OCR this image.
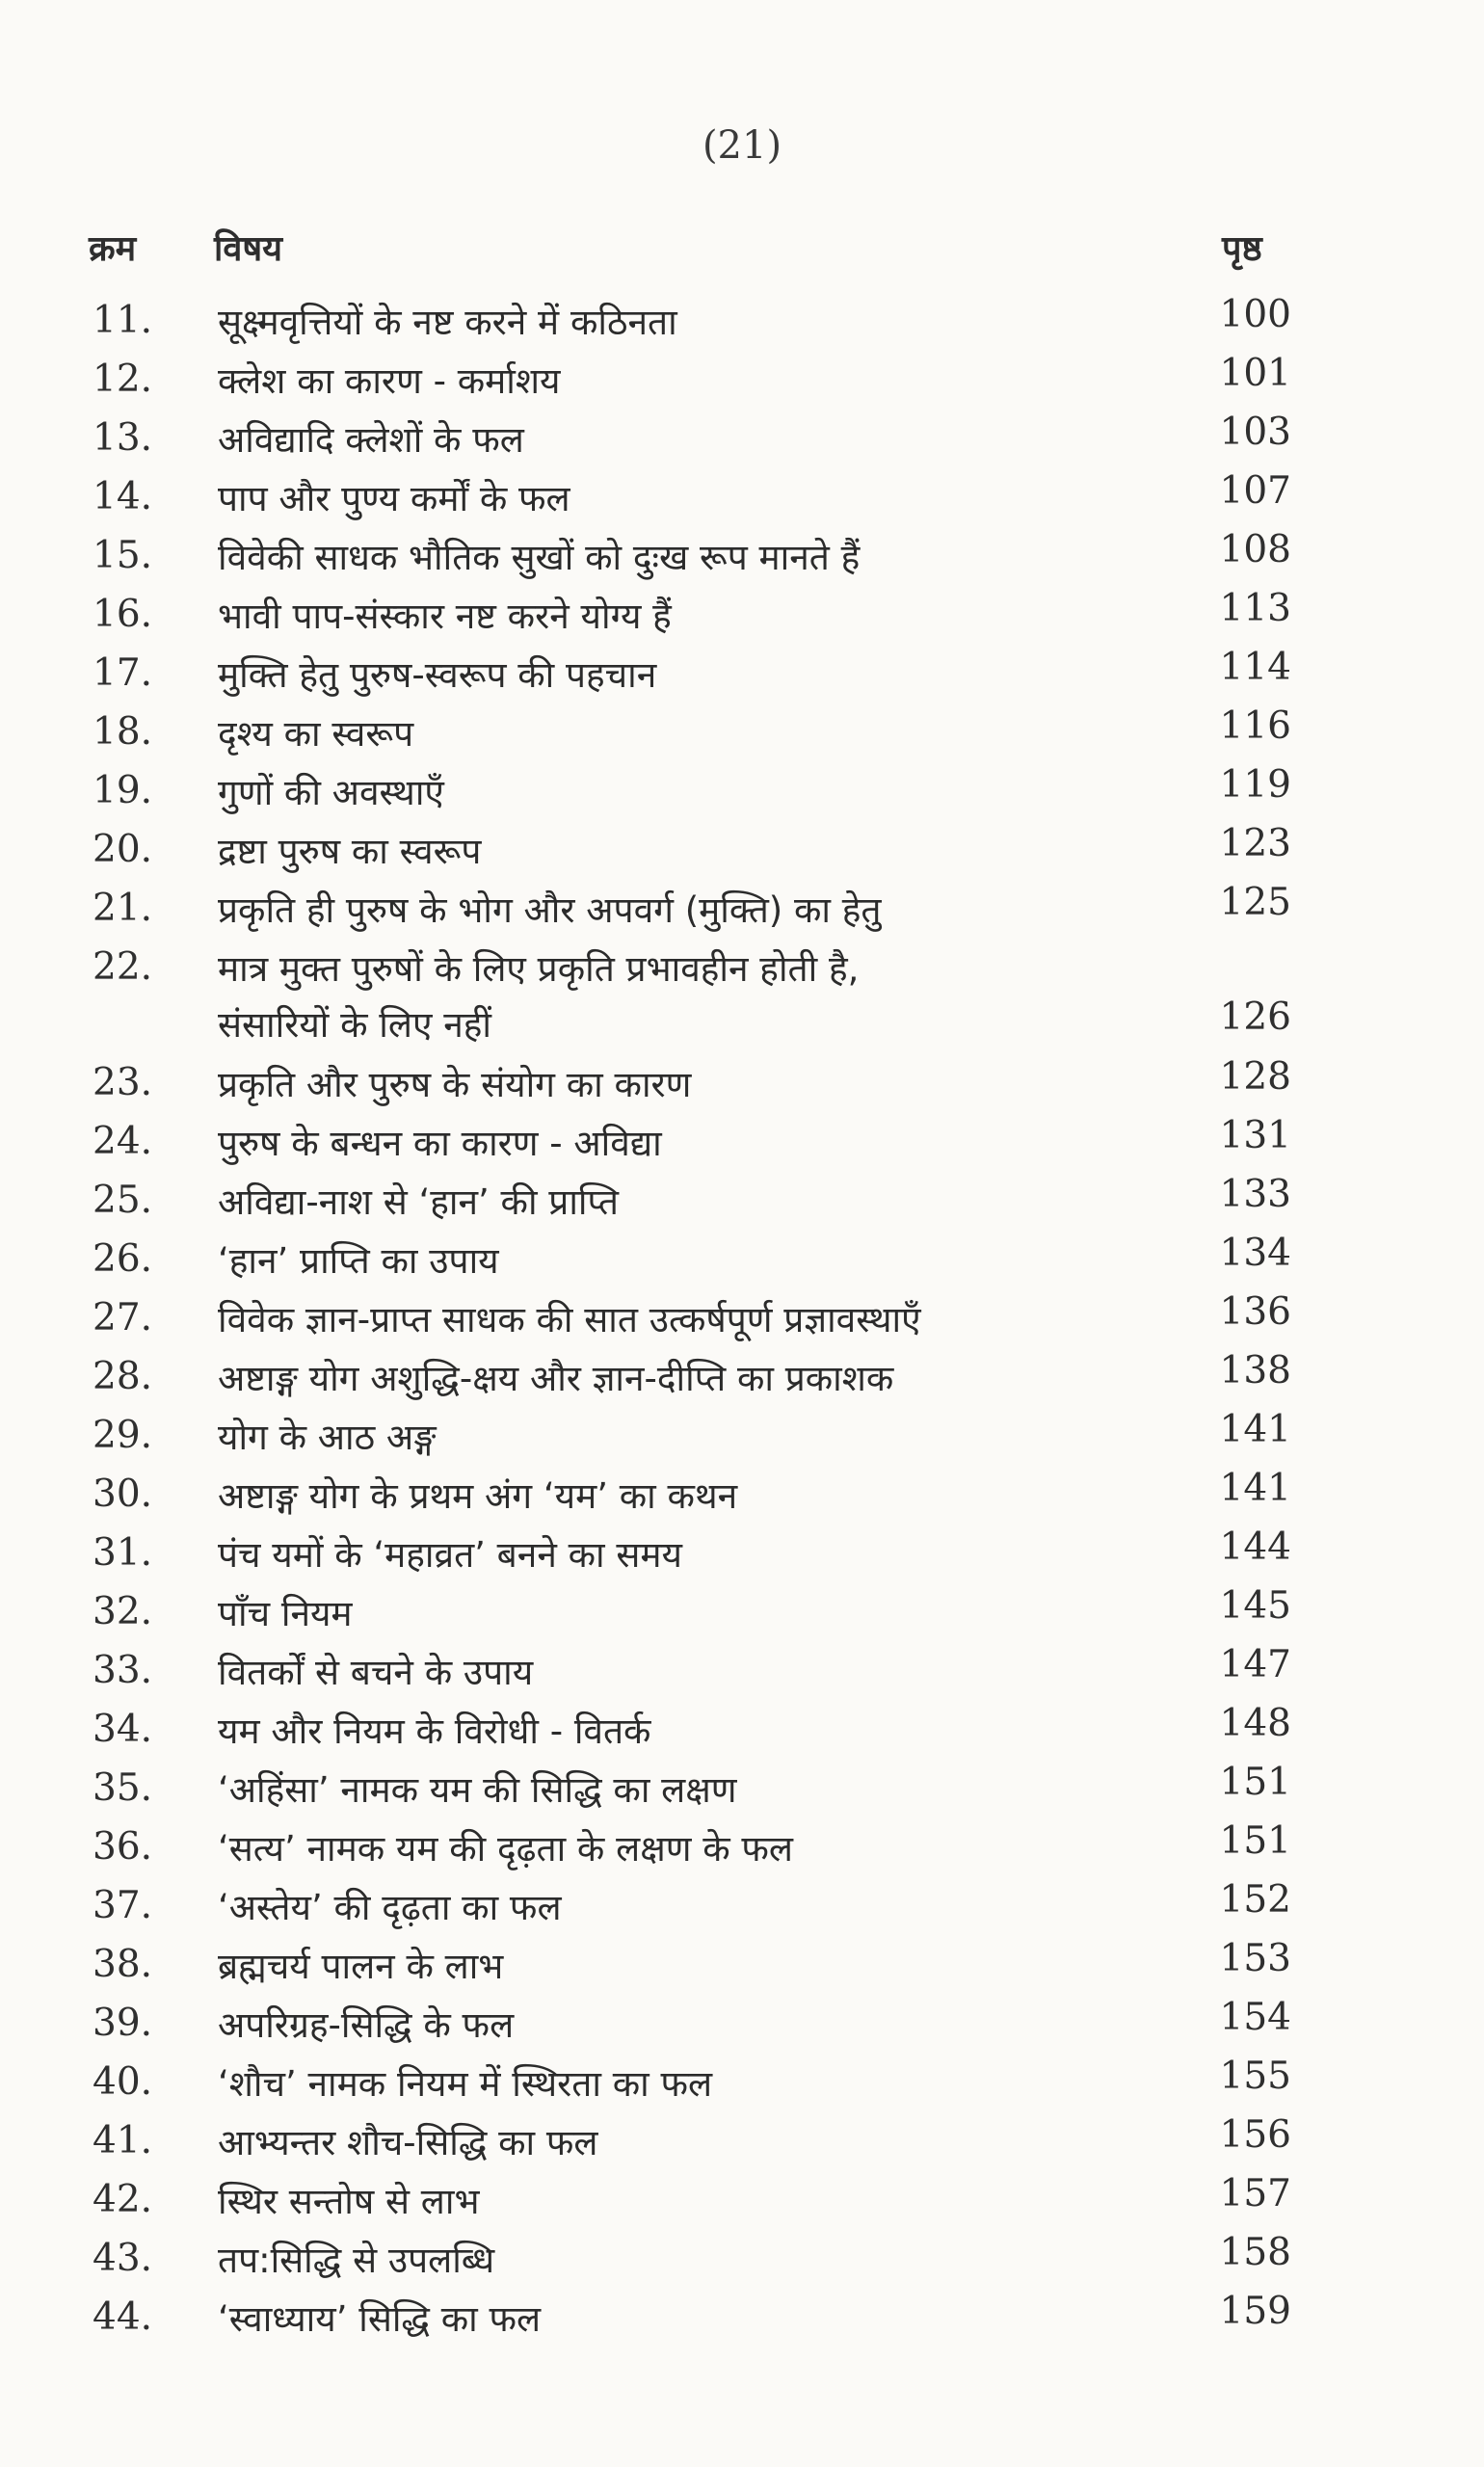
(21)
क्रम विषय	पृष्ठ
11. सूक्ष्मवृत्तियों के नष्ट करने में कठिनता	100
12. क्लेश का कारण - कर्माशय	101
13. अविद्यादि क्लेशों के फल	103
14. पाप और पुण्य कर्मों के फल	107
15. विवेकी साधक भौतिक सुखों को दुःख रूप मानते हैं	108
16. भावी पाप-संस्कार नष्ट करने योग्य हैं	113
17. मुक्ति हेतु पुरुष-स्वरूप की पहचान	114
18. दृश्य का स्वरूप	116
19. गुणों की अवस्थाएँ	119
20. द्रष्टा पुरुष का स्वरूप	123
21. प्रकृति ही पुरुष के भोग और अपवर्ग (मुक्ति) का हेतु	125
22. मात्र मुक्त पुरुषों के लिए प्रकृति प्रभावहीन होती है,
संसारियों के लिए नहीं	126
23. प्रकृति और पुरुष के संयोग का कारण	128
24. पुरुष के बन्धन का कारण - अविद्या	131
25. अविद्या-नाश से ‘हान’ की प्राप्ति	133
26. ‘हान’ प्राप्ति का उपाय	134
27. विवेक ज्ञान-प्राप्त साधक की सात उत्कर्षपूर्ण प्रज्ञावस्थाएँ	136
28. अष्टाङ्ग योग अशुद्धि-क्षय और ज्ञान-दीप्ति का प्रकाशक	138
29. योग के आठ अङ्ग	141
30. अष्टाङ्ग योग के प्रथम अंग ‘यम’ का कथन	141
31. पंच यमों के ‘महाव्रत’ बनने का समय	144
32. पाँच नियम	145
33. वितर्कों से बचने के उपाय	147
34. यम और नियम के विरोधी - वितर्क	148
35. ‘अहिंसा’ नामक यम की सिद्धि का लक्षण	151
36. ‘सत्य’ नामक यम की दृढ़ता के लक्षण के फल	151
37. ‘अस्तेय’ की दृढ़ता का फल	152
38. ब्रह्मचर्य पालन के लाभ	153
39. अपरिग्रह-सिद्धि के फल	154
40. ‘शौच’ नामक नियम में स्थिरता का फल	155
41. आभ्यन्तर शौच-सिद्धि का फल	156
42. स्थिर सन्तोष से लाभ	157
43. तप:सिद्धि से उपलब्धि	158
44. ‘स्वाध्याय’ सिद्धि का फल	159
